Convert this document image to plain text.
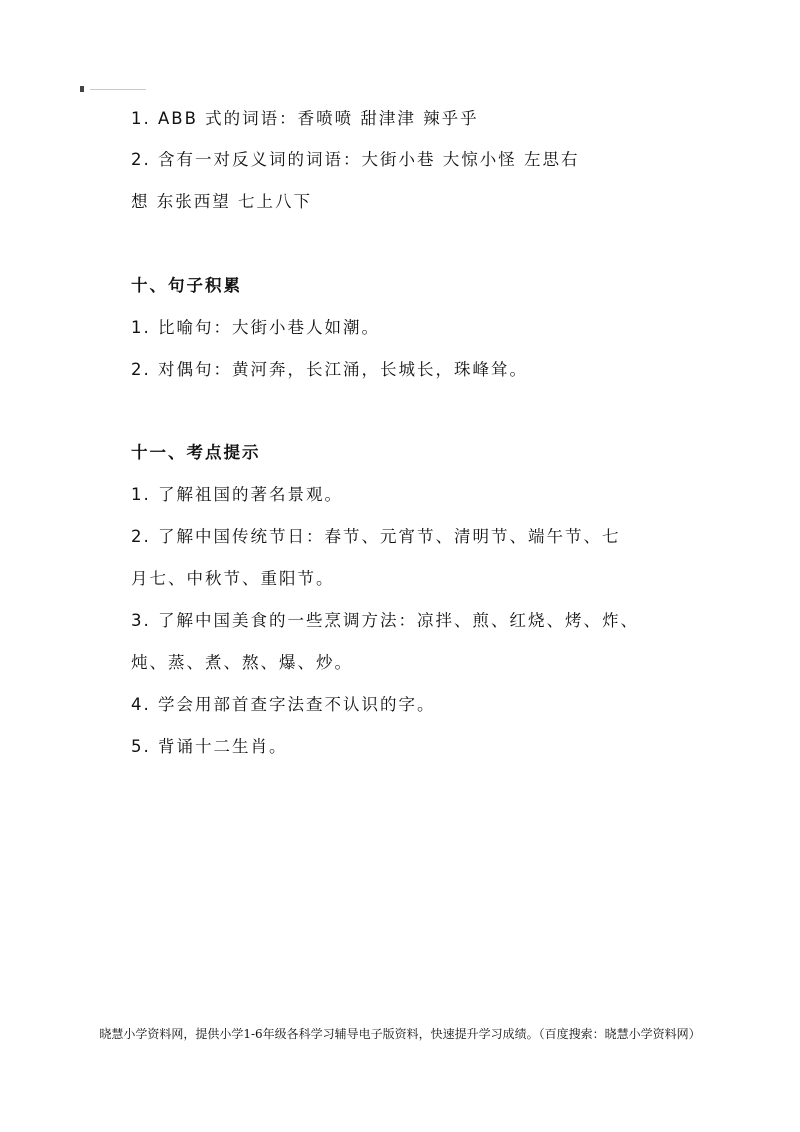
1. ABB 式的词语：香喷喷 甜津津 辣乎乎
2. 含有一对反义词的词语：大街小巷 大惊小怪 左思右
想 东张西望 七上八下
十、句子积累
1. 比喻句：大街小巷人如潮。
2. 对偶句：黄河奔，长江涌，长城长，珠峰耸。
十一、考点提示
1. 了解祖国的著名景观。
2. 了解中国传统节日：春节、元宵节、清明节、端午节、七
月七、中秋节、重阳节。
3. 了解中国美食的一些烹调方法：凉拌、煎、红烧、烤、炸、
炖、蒸、煮、熬、爆、炒。
4. 学会用部首查字法查不认识的字。
5. 背诵十二生肖。
晓慧小学资料网，提供小学1-6年级各科学习辅导电子版资料，快速提升学习成绩。（百度搜索：晓慧小学资料网）
